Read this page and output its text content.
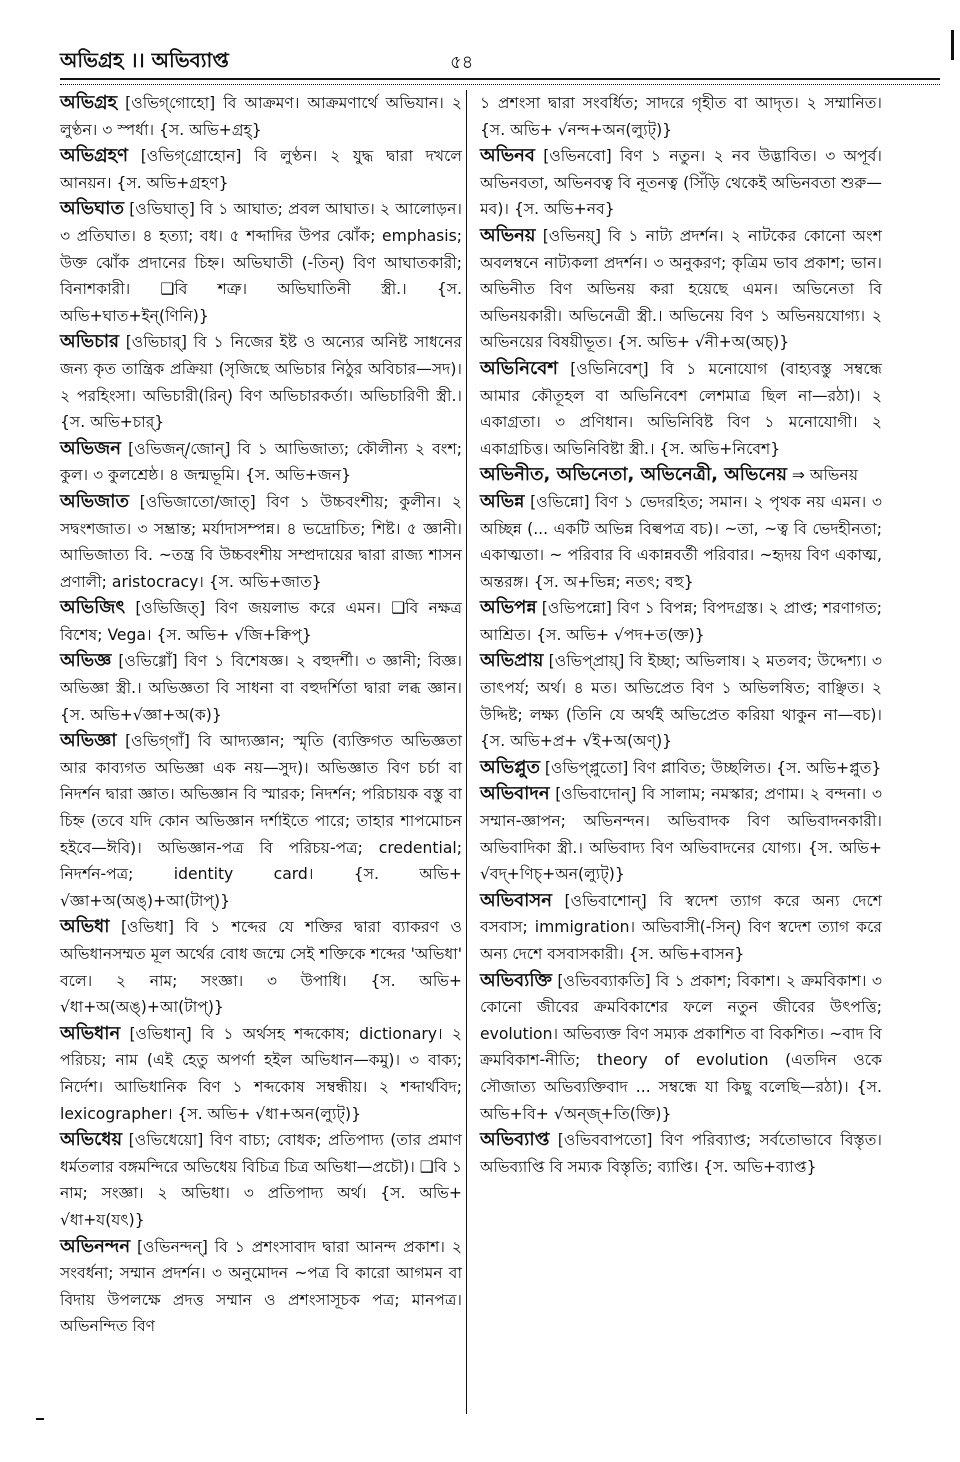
অভিগ্রহ ।। অভিব্যাপ্ত	৫৪

অভিগ্রহ [ওভিগ্‌গোহো] বি আক্রমণ। আক্রমণার্থে অভিযান। ২ লুণ্ঠন। ৩ স্পর্ধা। {স. অভি+গ্রহ্}

অভিগ্রহণ [ওভিগ্‌গ্রোহোন] বি লুণ্ঠন। ২ যুদ্ধ দ্বারা দখলে আনয়ন। {স. অভি+গ্রহণ}

অভিঘাত [ওভিঘাত্] বি ১ আঘাত; প্রবল আঘাত। ২ আলোড়ন। ৩ প্রতিঘাত। ৪ হত্যা; বধ। ৫ শব্দাদির উপর ঝোঁক; emphasis; উক্ত ঝোঁক প্রদানের চিহ্ন। অভিঘাতী (-তিন্) বিণ আঘাতকারী; বিনাশকারী। ❑বি শত্রু। অভিঘাতিনী স্ত্রী.। {স. অভি+ঘাত+ইন্(ণিনি)}

অভিচার [ওভিচার্] বি ১ নিজের ইষ্ট ও অন্যের অনিষ্ট সাধনের জন্য কৃত তান্ত্রিক প্রক্রিয়া (সৃজিছে অভিচার নিঠুর অবিচার—সদ)। ২ পরহিংসা। অভিচারী(রিন্) বিণ অভিচারকর্তা। অভিচারিণী স্ত্রী.। {স. অভি+চার্}

অভিজন [ওভিজন্/জোন্] বি ১ আভিজাত্য; কৌলীন্য ২ বংশ; কুল। ৩ কুলশ্রেষ্ঠ। ৪ জন্মভূমি। {স. অভি+জন}

অভিজাত [ওভিজাতো/জাত্] বিণ ১ উচ্চবংশীয়; কুলীন। ২ সদ্বংশজাত। ৩ সম্ভ্রান্ত; মর্যাদাসম্পন্ন। ৪ ভদ্রোচিত; শিষ্ট। ৫ জ্ঞানী। আভিজাত্য বি. ~তন্ত্র বি উচ্চবংশীয় সম্প্রদায়ের দ্বারা রাজ্য শাসন প্রণালী; aristocracy। {স. অভি+জাত}

অভিজিৎ [ওভিজিত্] বিণ জয়লাভ করে এমন। ❑বি নক্ষত্র বিশেষ; Vega। {স. অভি+ √জি+ক্বিপ্}

অভিজ্ঞ [ওভিগ্গোঁ] বিণ ১ বিশেষজ্ঞ। ২ বহুদর্শী। ৩ জ্ঞানী; বিজ্ঞ। অভিজ্ঞা স্ত্রী.। অভিজ্ঞতা বি সাধনা বা বহুদর্শিতা দ্বারা লব্ধ জ্ঞান। {স. অভি+√জ্ঞা+অ(ক)}

অভিজ্ঞা [ওভিগ্‌গাঁ] বি আদ্যজ্ঞান; স্মৃতি (ব্যক্তিগত অভিজ্ঞতা আর কাব্যগত অভিজ্ঞা এক নয়—সুদ)। অভিজ্ঞাত বিণ চর্চা বা নিদর্শন দ্বারা জ্ঞাত। অভিজ্ঞান বি স্মারক; নিদর্শন; পরিচায়ক বস্তু বা চিহ্ন (তবে যদি কোন অভিজ্ঞান দর্শাইতে পারে; তাহার শাপমোচন হইবে—ঈবি)। অভিজ্ঞান-পত্র বি পরিচয়-পত্র; credential; নিদর্শন-পত্র; identity card। {স. অভি+ √জ্ঞা+অ(অঙ্)+আ(টাপ্)}

অভিধা [ওভিধা] বি ১ শব্দের যে শক্তির দ্বারা ব্যাকরণ ও অভিধানসম্মত মূল অর্থের বোধ জন্মে সেই শক্তিকে শব্দের 'অভিধা' বলে। ২ নাম; সংজ্ঞা। ৩ উপাধি। {স. অভি+ √ধা+অ(অঙ্)+আ(টাপ্)}

অভিধান [ওভিধান্] বি ১ অর্থসহ শব্দকোষ; dictionary। ২ পরিচয়; নাম (এই হেতু অপর্ণা হইল অভিধান—কমু)। ৩ বাক্য; নির্দেশ। আভিধানিক বিণ ১ শব্দকোষ সম্বন্ধীয়। ২ শব্দার্থবিদ; lexicographer। {স. অভি+ √ধা+অন(ল্যুট্)}

অভিধেয় [ওভিধেয়ো] বিণ বাচ্য; বোধক; প্রতিপাদ্য (তার প্রমাণ ধর্মতলার বঙ্গমন্দিরে অভিধেয় বিচিত্র চিত্র অভিধা—প্রচৌ)। ❑বি ১ নাম; সংজ্ঞা। ২ অভিধা। ৩ প্রতিপাদ্য অর্থ। {স. অভি+ √ধা+য(যৎ)}

অভিনন্দন [ওভিনন্দন্] বি ১ প্রশংসাবাদ দ্বারা আনন্দ প্রকাশ। ২ সংবর্ধনা; সম্মান প্রদর্শন। ৩ অনুমোদন ~পত্র বি কারো আগমন বা বিদায় উপলক্ষে প্রদত্ত সম্মান ও প্রশংসাসূচক পত্র; মানপত্র। অভিনন্দিত বিণ

১ প্রশংসা দ্বারা সংবর্ধিত; সাদরে গৃহীত বা আদৃত। ২ সম্মানিত। {স. অভি+ √নন্দ+অন(ল্যুট্)}

অভিনব [ওভিনবো] বিণ ১ নতুন। ২ নব উদ্ভাবিত। ৩ অপূর্ব। অভিনবতা, অভিনবত্ব বি নূতনত্ব (সিঁড়ি থেকেই অভিনবতা শুরু—মব)। {স. অভি+নব}

অভিনয় [ওভিনয়্] বি ১ নাট্য প্রদর্শন। ২ নাটকের কোনো অংশ অবলম্বনে নাট্যকলা প্রদর্শন। ৩ অনুকরণ; কৃত্রিম ভাব প্রকাশ; ভান। অভিনীত বিণ অভিনয় করা হয়েছে এমন। অভিনেতা বি অভিনয়কারী। অভিনেত্রী স্ত্রী.। অভিনেয় বিণ ১ অভিনয়যোগ্য। ২ অভিনয়ের বিষয়ীভূত। {স. অভি+ √নী+অ(অচ্)}

অভিনিবেশ [ওভিনিবেশ্] বি ১ মনোযোগ (বাহ্যবস্তু সম্বন্ধে আমার কৌতূহল বা অভিনিবেশ লেশমাত্র ছিল না—রঠা)। ২ একাগ্রতা। ৩ প্রণিধান। অভিনিবিষ্ট বিণ ১ মনোযোগী। ২ একাগ্রচিত্ত। অভিনিবিষ্টা স্ত্রী.। {স. অভি+নিবেশ}

অভিনীত, অভিনেতা, অভিনেত্রী, অভিনেয় ⇒ অভিনয়

অভিন্ন [ওভিন্নো] বিণ ১ ভেদরহিত; সমান। ২ পৃথক নয় এমন। ৩ অচ্ছিন্ন (... একটি অভিন্ন বিল্বপত্র বচ)। ~তা, ~ত্ব বি ভেদহীনতা; একাত্মতা। ~ পরিবার বি একান্নবর্তী পরিবার। ~হৃদয় বিণ একাত্ম, অন্তরঙ্গ। {স. অ+ভিন্ন; নতৎ; বহু}

অভিপন্ন [ওভিপন্নো] বিণ ১ বিপন্ন; বিপদগ্রস্ত। ২ প্রাপ্ত; শরণাগত; আশ্রিত। {স. অভি+ √পদ+ত(ক্ত)}

অভিপ্রায় [ওভিপ্প্রায়্] বি ইচ্ছা; অভিলাষ। ২ মতলব; উদ্দেশ্য। ৩ তাৎপর্য; অর্থ। ৪ মত। অভিপ্রেত বিণ ১ অভিলষিত; বাঞ্ছিত। ২ উদ্দিষ্ট; লক্ষ্য (তিনি যে অর্থই অভিপ্রেত করিয়া থাকুন না—বচ)। {স. অভি+প্র+ √ই+অ(অণ্)}

অভিপ্লুত [ওভিপ্প্লুতো] বিণ প্লাবিত; উচ্ছলিত। {স. অভি+প্লুত}

অভিবাদন [ওভিবাদোন্] বি সালাম; নমস্কার; প্রণাম। ২ বন্দনা। ৩ সম্মান-জ্ঞাপন; অভিনন্দন। অভিবাদক বিণ অভিবাদনকারী। অভিবাদিকা স্ত্রী.। অভিবাদ্য বিণ অভিবাদনের যোগ্য। {স. অভি+ √বদ্+ণিচ্+অন(ল্যুট্)}

অভিবাসন [ওভিবাশোন্] বি স্বদেশ ত্যাগ করে অন্য দেশে বসবাস; immigration। অভিবাসী(-সিন্) বিণ স্বদেশ ত্যাগ করে অন্য দেশে বসবাসকারী। {স. অভি+বাসন}

অভিব্যক্তি [ওভিবব্যাকতি] বি ১ প্রকাশ; বিকাশ। ২ ক্রমবিকাশ। ৩ কোনো জীবের ক্রমবিকাশের ফলে নতুন জীবের উৎপত্তি; evolution। অভিব্যক্ত বিণ সম্যক প্রকাশিত বা বিকশিত। ~বাদ বি ক্রমবিকাশ-নীতি; theory of evolution (এতদিন ওকে সৌজাত্য অভিব্যক্তিবাদ ... সম্বন্ধে যা কিছু বলেছি—রঠা)। {স. অভি+বি+ √অন্জ্+তি(ক্তি)}

অভিব্যাপ্ত [ওভিববাপতো] বিণ পরিব্যাপ্ত; সর্বতোভাবে বিস্তৃত। অভিব্যাপ্তি বি সম্যক বিস্তৃতি; ব্যাপ্তি। {স. অভি+ব্যাপ্ত}
